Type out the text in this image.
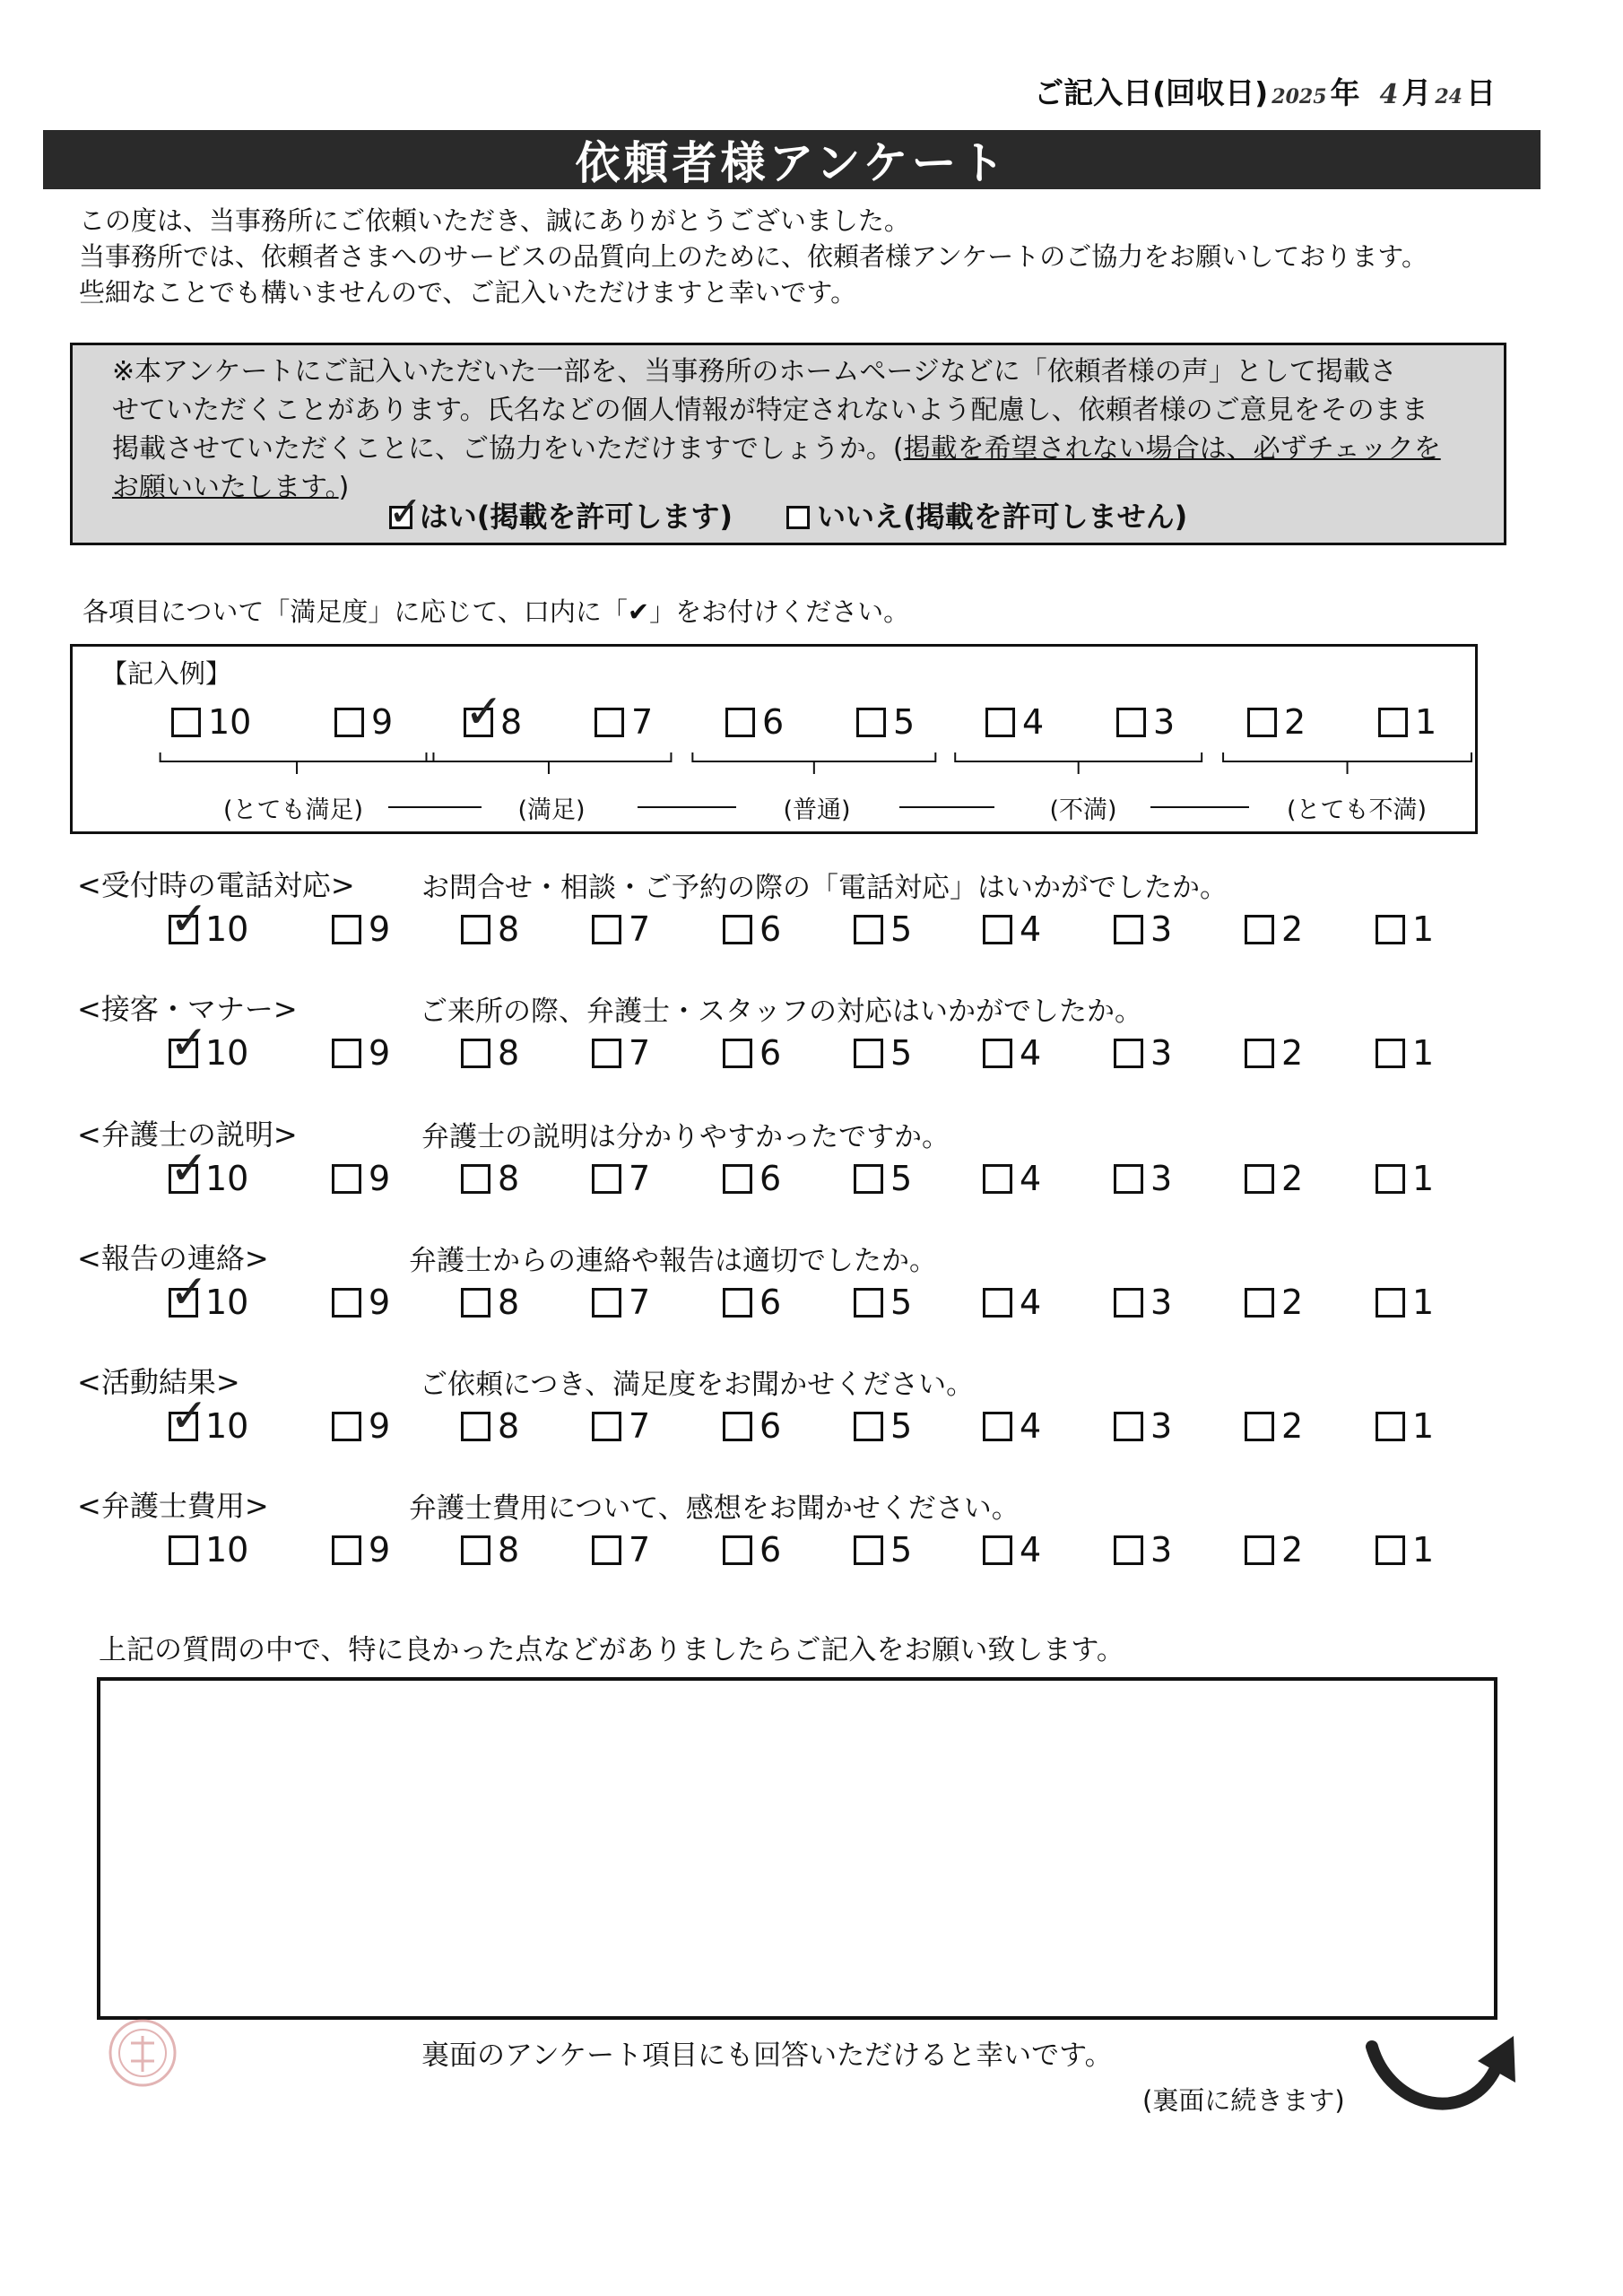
ご記入日(回収日) 2025 年 4 月 24 日
依頼者様アンケート
この度は、当事務所にご依頼いただき、誠にありがとうございました。
当事務所では、依頼者さまへのサービスの品質向上のために、依頼者様アンケートのご協力をお願いしております。
些細なことでも構いませんので、ご記入いただけますと幸いです。
※本アンケートにご記入いただいた一部を、当事務所のホームページなどに「依頼者様の声」として掲載さ
せていただくことがあります。氏名などの個人情報が特定されないよう配慮し、依頼者様のご意見をそのまま
掲載させていただくことに、ご協力をいただけますでしょうか。(掲載を希望されない場合は、必ずチェックを
お願いいたします。) ✓
はい(掲載を許可します)	いいえ(掲載を許可しません)
各項目について「満足度」に応じて、口内に「✔」をお付けください。
【記入例】
10	9 ✓
8	7	6	5	4	3	2	1
(とても満足)	(満足)	(普通)	(不満)	(とても不満)
<受付時の電話対応> お問合せ・相談・ご予約の際の「電話対応」はいかがでしたか。
✓
10	9	8	7	6	5	4	3	2	1
<接客・マナー>	ご来所の際、弁護士・スタッフの対応はいかがでしたか。
✓
10	9	8	7	6	5	4	3	2	1
<弁護士の説明>	弁護士の説明は分かりやすかったですか。
✓
10	9	8	7	6	5	4	3	2	1
<報告の連絡>	弁護士からの連絡や報告は適切でしたか。
✓
10	9	8	7	6	5	4	3	2	1
<活動結果>	ご依頼につき、満足度をお聞かせください。
✓
10	9	8	7	6	5	4	3	2	1
<弁護士費用>	弁護士費用について、感想をお聞かせください。
10	9	8	7	6	5	4	3	2	1
上記の質問の中で、特に良かった点などがありましたらご記入をお願い致します。
裏面のアンケート項目にも回答いただけると幸いです。
(裏面に続きます)
